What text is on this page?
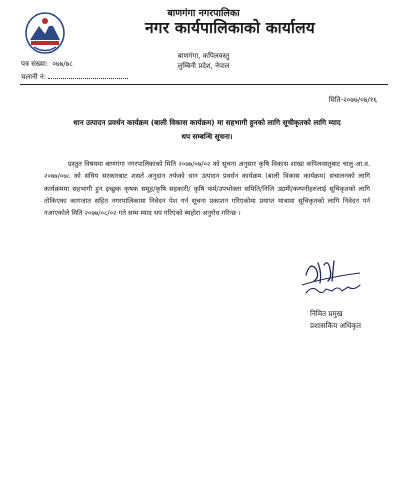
बाणगंगा नगरपालिका
नगर कार्यपालिकाको कार्यालय
बाणगंगा, कपिलवस्तु
लुम्बिनी प्रदेश, नेपाल
पत्र संख्या: ०७७/७८
चलानी नं:
मिति-२०७७/०७/१६
धान उत्पादन प्रवर्धन कार्यक्रम (बाली विकास कार्यक्रम) मा सहभागी हुनको लागि सूचीकृतको लागि म्याद
थप सम्बन्धि सूचना।

प्रस्तुत विषयमा बाणगंगा नगरपालिकाको मिति २०७७/०७/०२ को सूचना अनुसार कृषि विकास शाखा कपिलवस्तुबाट चालु आ.व. २०७७/०७८ को संघिय सरकारबाट शसर्त अनुदान तर्फको धान उत्पादन प्रवर्धन कार्यक्रम (बाली विकास कार्यक्रम) संचालनको लागि कार्यक्रममा सहभागी हुन इच्छुक कृषक समूह/कृषि सहकारी/ कृषि फर्म/उपभोक्ता समिति/निजि उद्यमी/कम्पनीहरुलाई सूचिकृतको लागि तोकिएका कागजात सहित नगरपालिकामा निवेदन पेश गर्न सूचना प्रकाशन गरिएकोमा प्रयाप्त मात्रामा सूचिकृतको लागि निवेदन पर्न नआएकोले मिति २०७७/०८/०२ गते सम्म म्याद थप गरिएको ब्यहोरा अनुरोध गरिन्छ ।

निमित प्रमुख
प्रशासकिय अधिकृत
